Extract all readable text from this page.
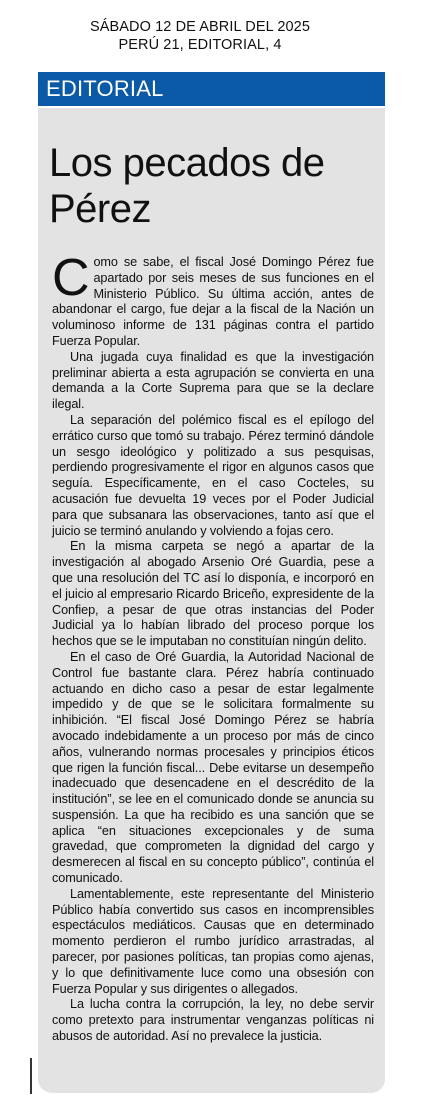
SÁBADO 12 DE ABRIL DEL 2025
PERÚ 21, EDITORIAL, 4
EDITORIAL
Los pecados de Pérez

Como se sabe, el fiscal José Domingo Pérez fue apartado por seis meses de sus funciones en el Ministerio Público. Su última acción, antes de abandonar el cargo, fue dejar a la fiscal de la Nación un voluminoso informe de 131 páginas contra el partido Fuerza Popular.

Una jugada cuya finalidad es que la investigación preliminar abierta a esta agrupación se convierta en una demanda a la Corte Suprema para que se la declare ilegal.

La separación del polémico fiscal es el epílogo del errático curso que tomó su trabajo. Pérez terminó dándole un sesgo ideológico y politizado a sus pesquisas, perdiendo progresivamente el rigor en algunos casos que seguía. Específicamente, en el caso Cocteles, su acusación fue devuelta 19 veces por el Poder Judicial para que subsanara las observaciones, tanto así que el juicio se terminó anulando y volviendo a fojas cero.

En la misma carpeta se negó a apartar de la investigación al abogado Arsenio Oré Guardia, pese a que una resolución del TC así lo disponía, e incorporó en el juicio al empresario Ricardo Briceño, expresidente de la Confiep, a pesar de que otras instancias del Poder Judicial ya lo habían librado del proceso porque los hechos que se le imputaban no constituían ningún delito.

En el caso de Oré Guardia, la Autoridad Nacional de Control fue bastante clara. Pérez habría continuado actuando en dicho caso a pesar de estar legalmente impedido y de que se le solicitara formalmente su inhibición. “El fiscal José Domingo Pérez se habría avocado indebidamente a un proceso por más de cinco años, vulnerando normas procesales y principios éticos que rigen la función fiscal... Debe evitarse un desempeño inadecuado que desencadene en el descrédito de la institución”, se lee en el comunicado donde se anuncia su suspensión. La que ha recibido es una sanción que se aplica “en situaciones excepcionales y de suma gravedad, que comprometen la dignidad del cargo y desmerecen al fiscal en su concepto público”, continúa el comunicado.

Lamentablemente, este representante del Ministerio Público había convertido sus casos en incomprensibles espectáculos mediáticos. Causas que en determinado momento perdieron el rumbo jurídico arrastradas, al parecer, por pasiones políticas, tan propias como ajenas, y lo que definitivamente luce como una obsesión con Fuerza Popular y sus dirigentes o allegados.

La lucha contra la corrupción, la ley, no debe servir como pretexto para instrumentar venganzas políticas ni abusos de autoridad. Así no prevalece la justicia.
